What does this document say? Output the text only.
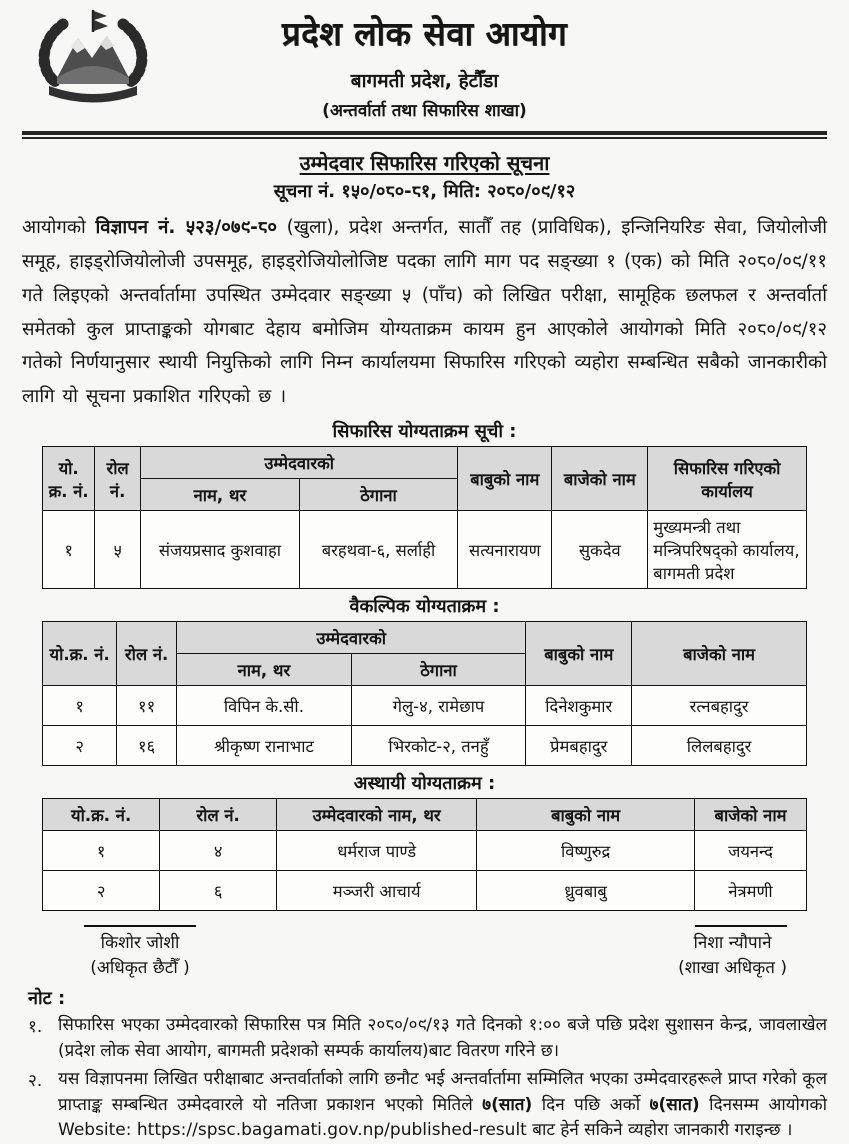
प्रदेश लोक सेवा आयोग
बागमती प्रदेश, हेटौँडा
(अन्तर्वार्ता तथा सिफारिस शाखा)
उम्मेदवार सिफारिस गरिएको सूचना
सूचना नं. १५०/०८०-८१, मिति: २०८०/०९/१२

आयोगको विज्ञापन नं. ५२३/०७९-८० (खुला), प्रदेश अन्तर्गत, सातौँ तह (प्राविधिक), इन्जिनियरिङ सेवा, जियोलोजी समूह, हाइड्रोजियोलोजी उपसमूह, हाइड्रोजियोलोजिष्ट पदका लागि माग पद सङ्ख्या १ (एक) को मिति २०८०/०९/११ गते लिइएको अन्तर्वार्तामा उपस्थित उम्मेदवार सङ्ख्या ५ (पाँच) को लिखित परीक्षा, सामूहिक छलफल र अन्तर्वार्ता समेतको कुल प्राप्ताङ्कको योगबाट देहाय बमोजिम योग्यताक्रम कायम हुन आएकोले आयोगको मिति २०८०/०९/१२ गतेको निर्णयानुसार स्थायी नियुक्तिको लागि निम्न कार्यालयमा सिफारिस गरिएको व्यहोरा सम्बन्धित सबैको जानकारीको लागि यो सूचना प्रकाशित गरिएको छ ।

सिफारिस योग्यताक्रम सूची :
यो. क्र. नं.	रोल नं.	उम्मेदवारको		बाबुको नाम	बाजेको नाम	सिफारिस गरिएको कार्यालय
		नाम, थर	ठेगाना			
१	५	संजयप्रसाद कुशवाहा	बरहथवा-६, सर्लाही	सत्यनारायण	सुकदेव	मुख्यमन्त्री तथा मन्त्रिपरिषद्को कार्यालय, बागमती प्रदेश
वैकल्पिक योग्यताक्रम :
यो.क्र. नं.	रोल नं.	उम्मेदवारको		बाबुको नाम	बाजेको नाम
		नाम, थर	ठेगाना		
१	११	विपिन के.सी.	गेलु-४, रामेछाप	दिनेशकुमार	रत्नबहादुर
२	१६	श्रीकृष्ण रानाभाट	भिरकोट-२, तनहुँ	प्रेमबहादुर	लिलबहादुर
अस्थायी योग्यताक्रम :
यो.क्र. नं.	रोल नं.	उम्मेदवारको नाम, थर	बाबुको नाम	बाजेको नाम
१	४	धर्मराज पाण्डे	विष्णुरुद्र	जयनन्द
२	६	मञ्जरी आचार्य	ध्रुवबाबु	नेत्रमणी
किशोर जोशी
(अधिकृत छैटौँ )
निशा न्यौपाने
(शाखा अधिकृत )
नोट :
१. सिफारिस भएका उम्मेदवारको सिफारिस पत्र मिति २०८०/०९/१३ गते दिनको १:०० बजे पछि प्रदेश सुशासन केन्द्र, जावलाखेल (प्रदेश लोक सेवा आयोग, बागमती प्रदेशको सम्पर्क कार्यालय)बाट वितरण गरिने छ।
२. यस विज्ञापनमा लिखित परीक्षाबाट अन्तर्वार्ताको लागि छनौट भई अन्तर्वार्तामा सम्मिलित भएका उम्मेदवारहरूले प्राप्त गरेको कूल प्राप्ताङ्क सम्बन्धित उम्मेदवारले यो नतिजा प्रकाशन भएको मितिले ७(सात) दिन पछि अर्को ७(सात) दिनसम्म आयोगको Website: https://spsc.bagamati.gov.np/published-result बाट हेर्न सकिने व्यहोरा जानकारी गराइन्छ ।
